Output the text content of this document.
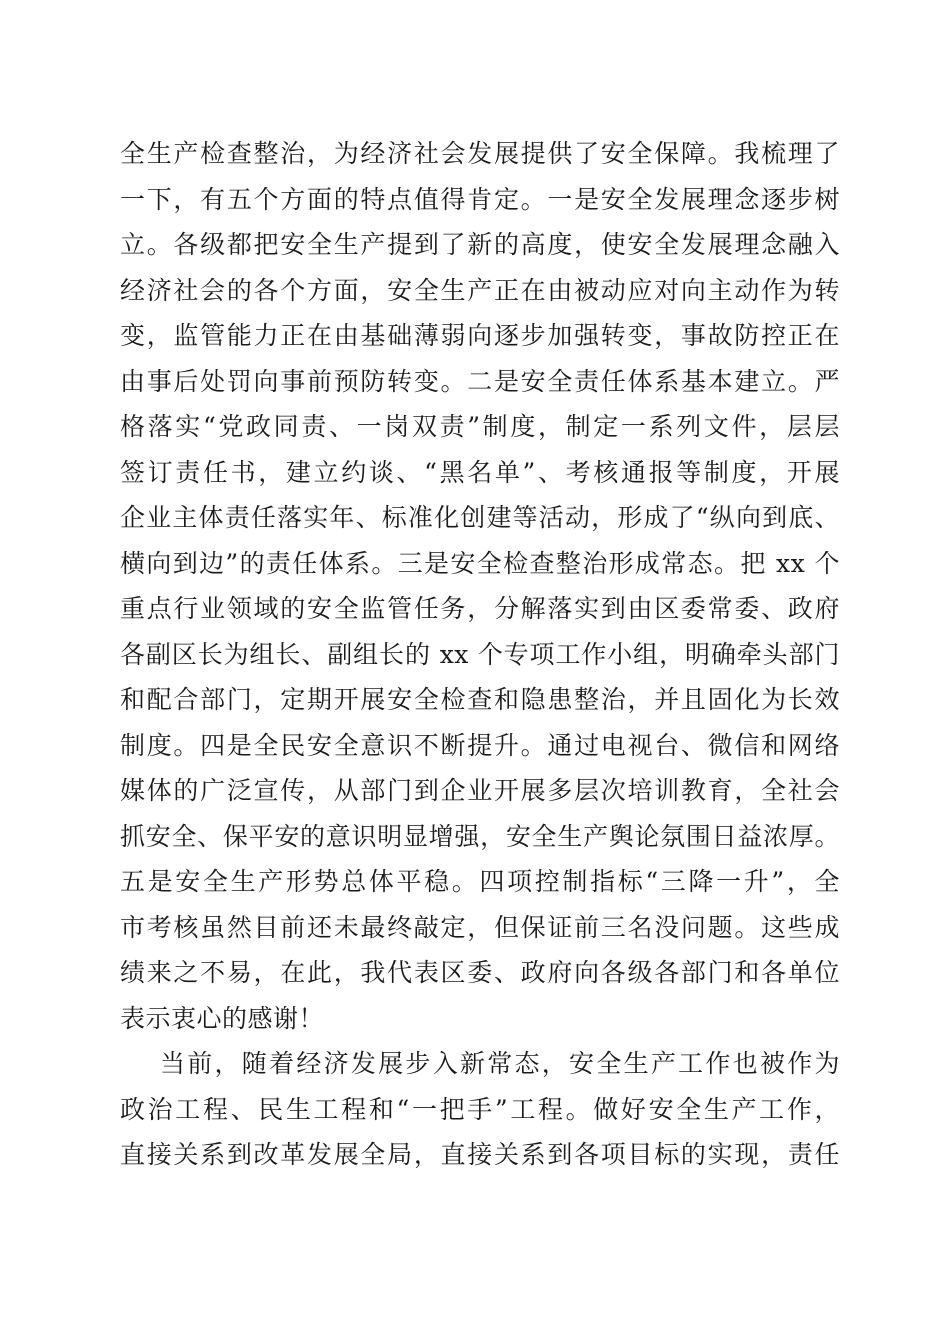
全生产检查整治，为经济社会发展提供了安全保障。我梳理了
一下，有五个方面的特点值得肯定。一是安全发展理念逐步树
立。各级都把安全生产提到了新的高度，使安全发展理念融入
经济社会的各个方面，安全生产正在由被动应对向主动作为转
变，监管能力正在由基础薄弱向逐步加强转变，事故防控正在
由事后处罚向事前预防转变。二是安全责任体系基本建立。严
格落实“党政同责、一岗双责”制度，制定一系列文件，层层
签订责任书，建立约谈、“黑名单”、考核通报等制度，开展
企业主体责任落实年、标准化创建等活动，形成了“纵向到底、
横向到边”的责任体系。三是安全检查整治形成常态。把 xx 个
重点行业领域的安全监管任务，分解落实到由区委常委、政府
各副区长为组长、副组长的 xx 个专项工作小组，明确牵头部门
和配合部门，定期开展安全检查和隐患整治，并且固化为长效
制度。四是全民安全意识不断提升。通过电视台、微信和网络
媒体的广泛宣传，从部门到企业开展多层次培训教育，全社会
抓安全、保平安的意识明显增强，安全生产舆论氛围日益浓厚。
五是安全生产形势总体平稳。四项控制指标“三降一升”，全
市考核虽然目前还未最终敲定，但保证前三名没问题。这些成
绩来之不易，在此，我代表区委、政府向各级各部门和各单位
表示衷心的感谢！
当前，随着经济发展步入新常态，安全生产工作也被作为
政治工程、民生工程和“一把手”工程。做好安全生产工作，
直接关系到改革发展全局，直接关系到各项目标的实现，责任
